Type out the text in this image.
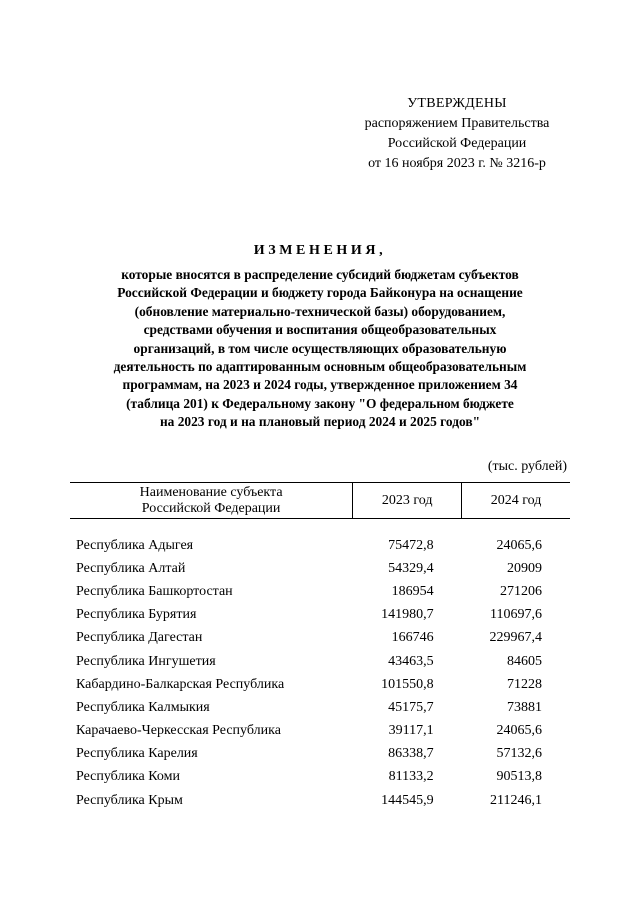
УТВЕРЖДЕНЫ
распоряжением Правительства
Российской Федерации
от 16 ноября 2023 г. № 3216-р
ИЗМЕНЕНИЯ,
которые вносятся в распределение субсидий бюджетам субъектов
Российской Федерации и бюджету города Байконура на оснащение
(обновление материально-технической базы) оборудованием,
средствами обучения и воспитания общеобразовательных
организаций, в том числе осуществляющих образовательную
деятельность по адаптированным основным общеобразовательным
программам, на 2023 и 2024 годы, утвержденное приложением 34
(таблица 201) к Федеральному закону "О федеральном бюджете
на 2023 год и на плановый период 2024 и 2025 годов"
(тыс. рублей)
Наименование субъекта
Российской Федерации	2023 год	2024 год

Республика Адыгея	75472,8	24065,6
Республика Алтай	54329,4	20909
Республика Башкортостан	186954	271206
Республика Бурятия	141980,7	110697,6
Республика Дагестан	166746	229967,4
Республика Ингушетия	43463,5	84605
Кабардино-Балкарская Республика	101550,8	71228
Республика Калмыкия	45175,7	73881
Карачаево-Черкесская Республика	39117,1	24065,6
Республика Карелия	86338,7	57132,6
Республика Коми	81133,2	90513,8
Республика Крым	144545,9	211246,1
